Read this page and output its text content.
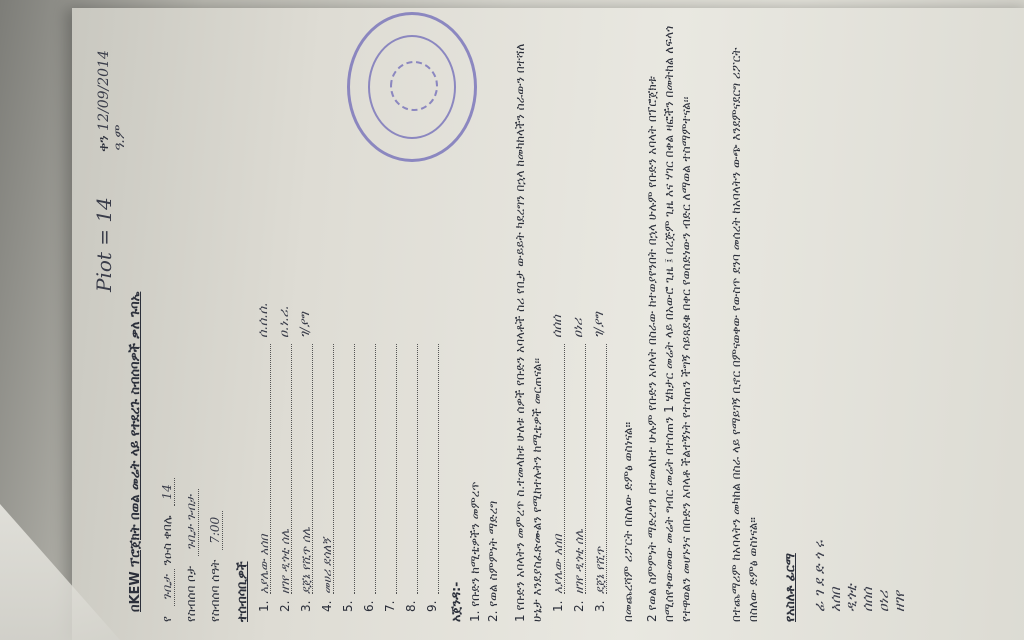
Piot = 14
ቀን 12/09/2014 ዓ.ም
በKEW ፕሮጀክት በወል መሬት ላይ የተደረጉ ስብሰባዎች ቃለ ጉባኤ
የ ጉቢታ ንዑስ ቀበሌ 14
የስብሰባ ቦታ ጉቢታ ጉብታ
የስብሰባ ሰዓት 7:00
ተሰብሳቢዎች 1.
አያሌው አሰበ
ሰ.ሰ.ሰ.
2.
ዘገየ ዲጎቲ ሰሌ
ዐ.ነ.ሪ.
3.
ደጀኔ የሺጥ ሰሌ
ገ/ያግ
4.
መሀሪ ደሳለኝ
5. 6. 7. 8. 9. አጀንዳ:- 1. የቡድን ከሚቴዎችን መምረጥ 2. የወል ስምምነት ማድረግ 1 የቡድን አባላትን መምረጥ ስ.ተመላከቱ ሁለቱ ሰዎች የቡድን አባላቶች ስሪ የቢታ ውይይት ካደረግን በኋላ ከመካከላችን ስራውን በተሻለ ሁኔታ እንደያስፈጽሙልን የሚከተሉትን ከሚቴዎች መርጠናል፡፡ 1.
አያሌው አሰበ
ሰሰሰ
2.
ዘገየ ዲጎቲ ሰሌ
ዐነሪ
3.
ደጀኔ የሺጥ
ገ/ያግ
በመጨረሻም ሪፖርት በስለው ድምፅ ወስነናል። 2 የወል ስምምነት ማድረግን በተመለከተ ሁሉም የቡድን አባላት በስራው ከተወያየንበት በኋላ ሁሉም የቡድን አባላት በፕሮጀክቱ በሚሰየቀውመው መሬት ግብር መሬት በተሰጠን 1 ሄክታር መሬት ላይ በአውሮ ጊዜ ፤ በረጅም ጊዜ እና ሃገር በቀል ዛፎችን በመትከል ለፍላጎ የተዋወልን መሆኑንና በቡድን አባላቶ ችልተኝነት የተሰጠን ችግኝ ሳይጸደቁ በቀር የወሰድነውን ብድር ለማወል ተስማምተናል፡፡	በተጨማሪም ከአባላትን መካከል በስራ ላይ የማይገኝ ቢኖር በምናወቀው የውስጥ ደንባ መሰረት ከአባላትን ውጭ እንደምናደርግ ሪፖርት በስለው ድምፅ ወስነናል። የአስለቶ ፊርማ ፊ ገ ደ ድ ጎ ሩ አሰበ ዲጎቲ ሰሰሰ ዐነሪ ዘገየ
